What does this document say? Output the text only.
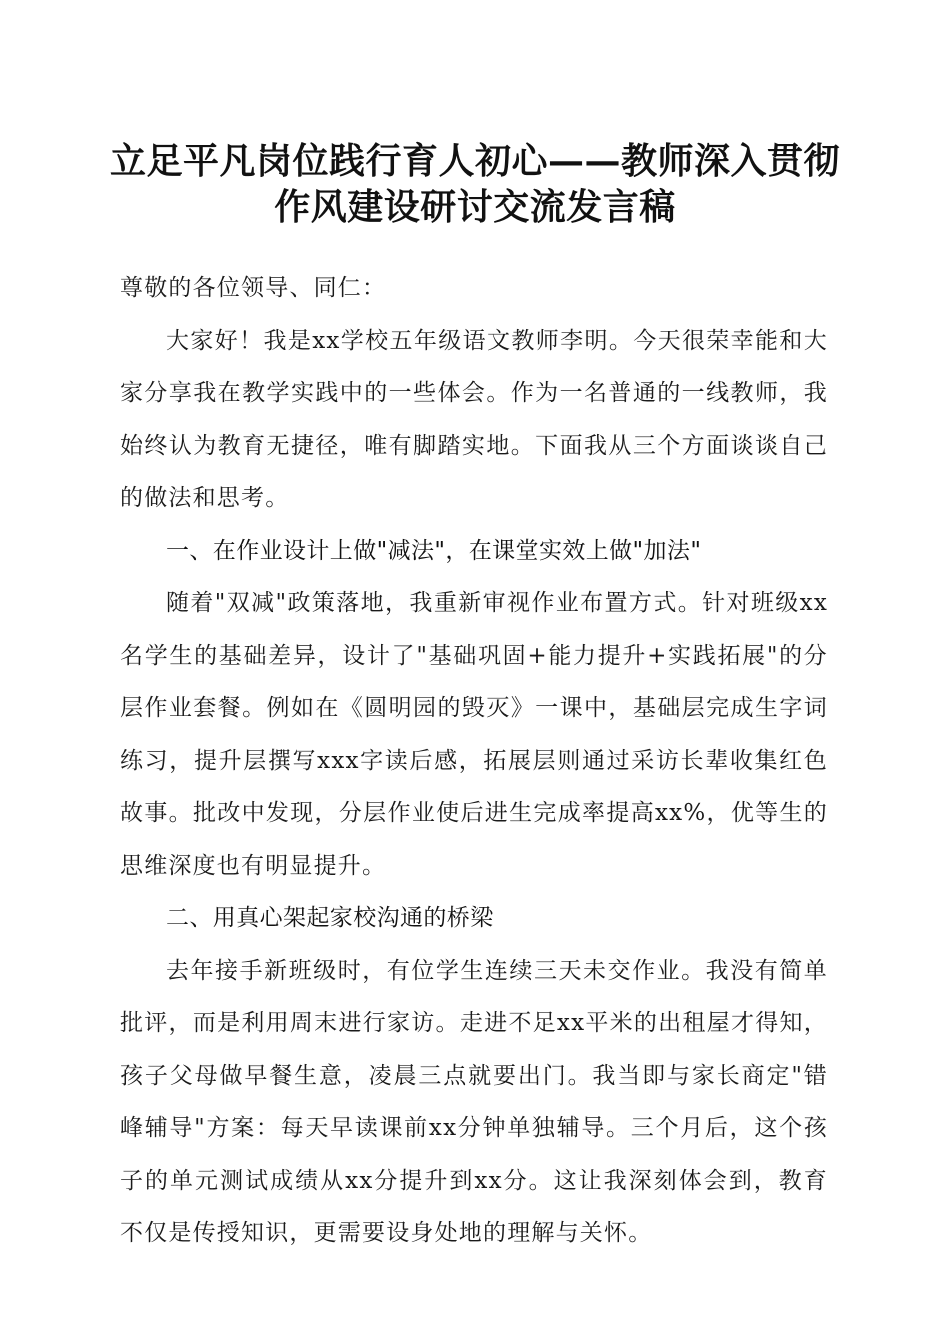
立足平凡岗位践行育人初心——教师深入贯彻
作风建设研讨交流发言稿

尊敬的各位领导、同仁：

大家好！我是xx学校五年级语文教师李明。今天很荣幸能和大家分享我在教学实践中的一些体会。作为一名普通的一线教师，我始终认为教育无捷径，唯有脚踏实地。下面我从三个方面谈谈自己的做法和思考。

一、在作业设计上做"减法"，在课堂实效上做"加法"

随着"双减"政策落地，我重新审视作业布置方式。针对班级xx名学生的基础差异，设计了"基础巩固+能力提升+实践拓展"的分层作业套餐。例如在《圆明园的毁灭》一课中，基础层完成生字词练习，提升层撰写xxx字读后感，拓展层则通过采访长辈收集红色故事。批改中发现，分层作业使后进生完成率提高xx%，优等生的思维深度也有明显提升。

二、用真心架起家校沟通的桥梁

去年接手新班级时，有位学生连续三天未交作业。我没有简单批评，而是利用周末进行家访。走进不足xx平米的出租屋才得知，孩子父母做早餐生意，凌晨三点就要出门。我当即与家长商定"错峰辅导"方案：每天早读课前xx分钟单独辅导。三个月后，这个孩子的单元测试成绩从xx分提升到xx分。这让我深刻体会到，教育不仅是传授知识，更需要设身处地的理解与关怀。
